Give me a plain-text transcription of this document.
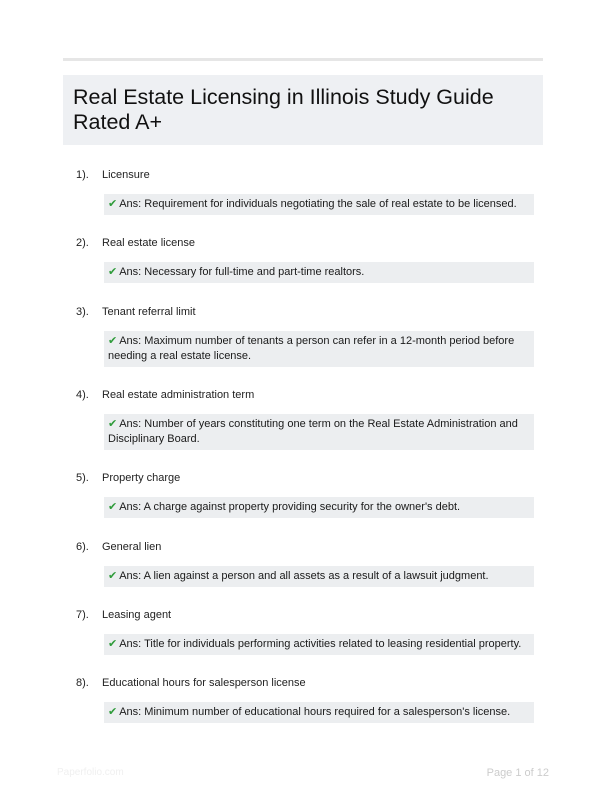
Real Estate Licensing in Illinois Study Guide Rated A+
1). Licensure
✔ Ans: Requirement for individuals negotiating the sale of real estate to be licensed.
2). Real estate license
✔ Ans: Necessary for full-time and part-time realtors.
3). Tenant referral limit
✔ Ans: Maximum number of tenants a person can refer in a 12-month period before needing a real estate license.
4). Real estate administration term
✔ Ans: Number of years constituting one term on the Real Estate Administration and Disciplinary Board.
5). Property charge
✔ Ans: A charge against property providing security for the owner's debt.
6). General lien
✔ Ans: A lien against a person and all assets as a result of a lawsuit judgment.
7). Leasing agent
✔ Ans: Title for individuals performing activities related to leasing residential property.
8). Educational hours for salesperson license
✔ Ans: Minimum number of educational hours required for a salesperson's license.
Paperfolio.com	Page 1 of 12
